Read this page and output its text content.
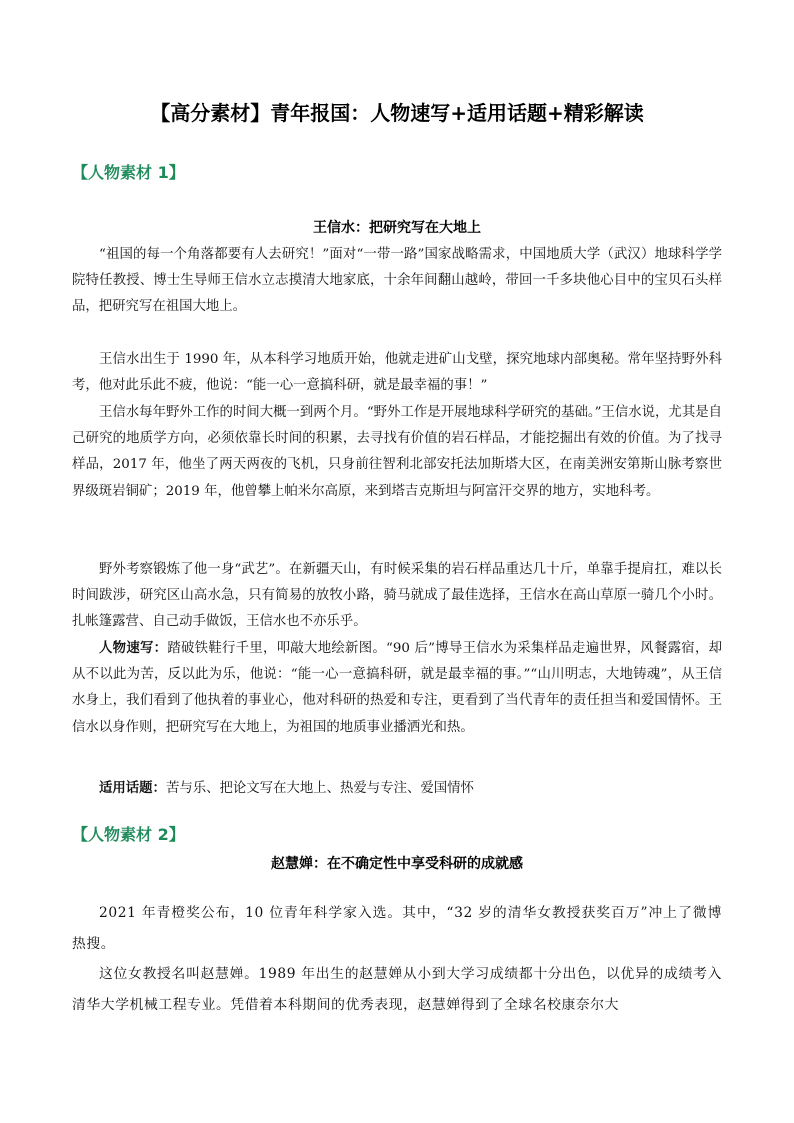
【高分素材】青年报国：人物速写+适用话题+精彩解读
【人物素材 1】
王信水：把研究写在大地上

“祖国的每一个角落都要有人去研究！”面对“一带一路”国家战略需求，中国地质大学（武汉）地球科学学院特任教授、博士生导师王信水立志摸清大地家底，十余年间翻山越岭，带回一千多块他心目中的宝贝石头样品，把研究写在祖国大地上。

王信水出生于 1990 年，从本科学习地质开始，他就走进矿山戈壁，探究地球内部奥秘。常年坚持野外科考，他对此乐此不疲，他说：“能一心一意搞科研，就是最幸福的事！”

王信水每年野外工作的时间大概一到两个月。“野外工作是开展地球科学研究的基础。”王信水说，尤其是自己研究的地质学方向，必须依靠长时间的积累，去寻找有价值的岩石样品，才能挖掘出有效的价值。为了找寻样品，2017 年，他坐了两天两夜的飞机，只身前往智利北部安托法加斯塔大区，在南美洲安第斯山脉考察世界级斑岩铜矿；2019 年，他曾攀上帕米尔高原，来到塔吉克斯坦与阿富汗交界的地方，实地科考。

野外考察锻炼了他一身“武艺”。在新疆天山，有时候采集的岩石样品重达几十斤，单靠手提肩扛，难以长时间跋涉，研究区山高水急，只有简易的放牧小路，骑马就成了最佳选择，王信水在高山草原一骑几个小时。扎帐篷露营、自己动手做饭，王信水也不亦乐乎。

人物速写：踏破铁鞋行千里，叩敲大地绘新图。“90 后”博导王信水为采集样品走遍世界，风餐露宿，却从不以此为苦，反以此为乐，他说：“能一心一意搞科研，就是最幸福的事。”“山川明志，大地铸魂”，从王信水身上，我们看到了他执着的事业心，他对科研的热爱和专注，更看到了当代青年的责任担当和爱国情怀。王信水以身作则，把研究写在大地上，为祖国的地质事业播洒光和热。

适用话题：苦与乐、把论文写在大地上、热爱与专注、爱国情怀

【人物素材 2】
赵慧婵：在不确定性中享受科研的成就感

2021 年青橙奖公布，10 位青年科学家入选。其中，“32 岁的清华女教授获奖百万”冲上了微博热搜。

这位女教授名叫赵慧婵。1989 年出生的赵慧婵从小到大学习成绩都十分出色，以优异的成绩考入清华大学机械工程专业。凭借着本科期间的优秀表现，赵慧婵得到了全球名校康奈尔大
